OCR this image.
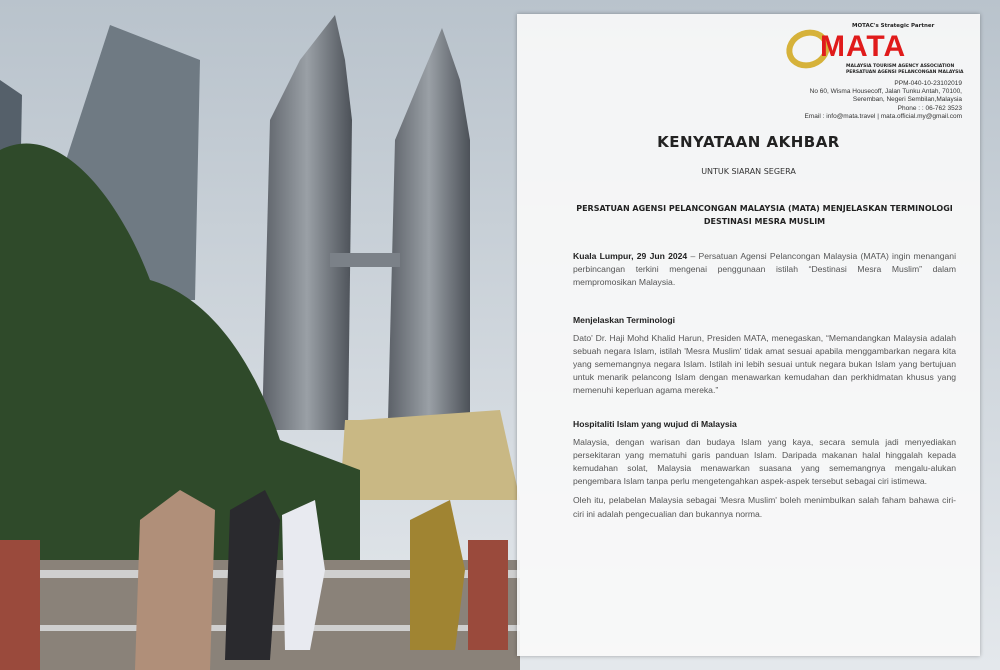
MOTAC's Strategic Partner
MATA
MALAYSIA TOURISM AGENCY ASSOCIATION
PERSATUAN AGENSI PELANCONGAN MALAYSIA
PPM-040-10-23102019
No 60, Wisma Housecoff, Jalan Tunku Antah, 70100,
Seremban, Negeri Sembilan,Malaysia
Phone : : 06-762 3523
Email : info@mata.travel | mata.official.my@gmail.com
KENYATAAN AKHBAR
UNTUK SIARAN SEGERA
PERSATUAN AGENSI PELANCONGAN MALAYSIA (MATA) MENJELASKAN TERMINOLOGI DESTINASI MESRA MUSLIM
Kuala Lumpur, 29 Jun 2024 – Persatuan Agensi Pelancongan Malaysia (MATA) ingin menangani perbincangan terkini mengenai penggunaan istilah “Destinasi Mesra Muslim” dalam mempromosikan Malaysia.
Menjelaskan Terminologi
Dato' Dr. Haji Mohd Khalid Harun, Presiden MATA, menegaskan, “Memandangkan Malaysia adalah sebuah negara Islam, istilah 'Mesra Muslim' tidak amat sesuai apabila menggambarkan negara kita yang sememangnya negara Islam. Istilah ini lebih sesuai untuk negara bukan Islam yang bertujuan untuk menarik pelancong Islam dengan menawarkan kemudahan dan perkhidmatan khusus yang memenuhi keperluan agama mereka.”
Hospitaliti Islam yang wujud di Malaysia
Malaysia, dengan warisan dan budaya Islam yang kaya, secara semula jadi menyediakan persekitaran yang mematuhi garis panduan Islam. Daripada makanan halal hinggalah kepada kemudahan solat, Malaysia menawarkan suasana yang sememangnya mengalu-alukan pengembara Islam tanpa perlu mengetengahkan aspek-aspek tersebut sebagai ciri istimewa.
Oleh itu, pelabelan Malaysia sebagai 'Mesra Muslim' boleh menimbulkan salah faham bahawa ciri-ciri ini adalah pengecualian dan bukannya norma.
